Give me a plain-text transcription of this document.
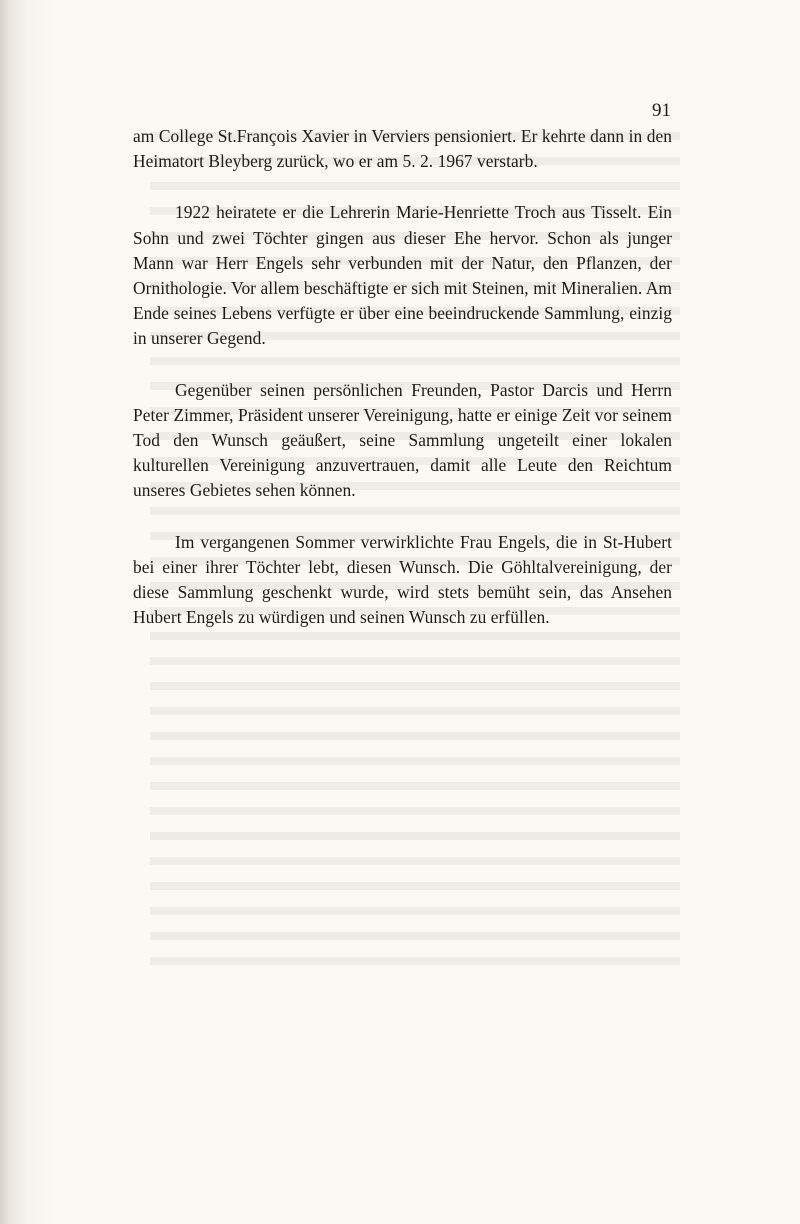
91

am College St.François Xavier in Verviers pensioniert. Er kehrte dann in den Heimatort Bleyberg zurück, wo er am 5. 2. 1967 verstarb.

1922 heiratete er die Lehrerin Marie-Henriette Troch aus Tisselt. Ein Sohn und zwei Töchter gingen aus dieser Ehe hervor. Schon als junger Mann war Herr Engels sehr verbunden mit der Natur, den Pflanzen, der Ornithologie. Vor allem beschäftigte er sich mit Steinen, mit Mineralien. Am Ende seines Lebens verfügte er über eine beeindruckende Sammlung, einzig in unserer Gegend.

Gegenüber seinen persönlichen Freunden, Pastor Darcis und Herrn Peter Zimmer, Präsident unserer Vereinigung, hatte er einige Zeit vor seinem Tod den Wunsch geäußert, seine Sammlung ungeteilt einer lokalen kulturellen Vereinigung anzuvertrauen, damit alle Leute den Reichtum unseres Gebietes sehen können.

Im vergangenen Sommer verwirklichte Frau Engels, die in St-Hubert bei einer ihrer Töchter lebt, diesen Wunsch. Die Göhltalvereinigung, der diese Sammlung geschenkt wurde, wird stets bemüht sein, das Ansehen Hubert Engels zu würdigen und seinen Wunsch zu erfüllen.
